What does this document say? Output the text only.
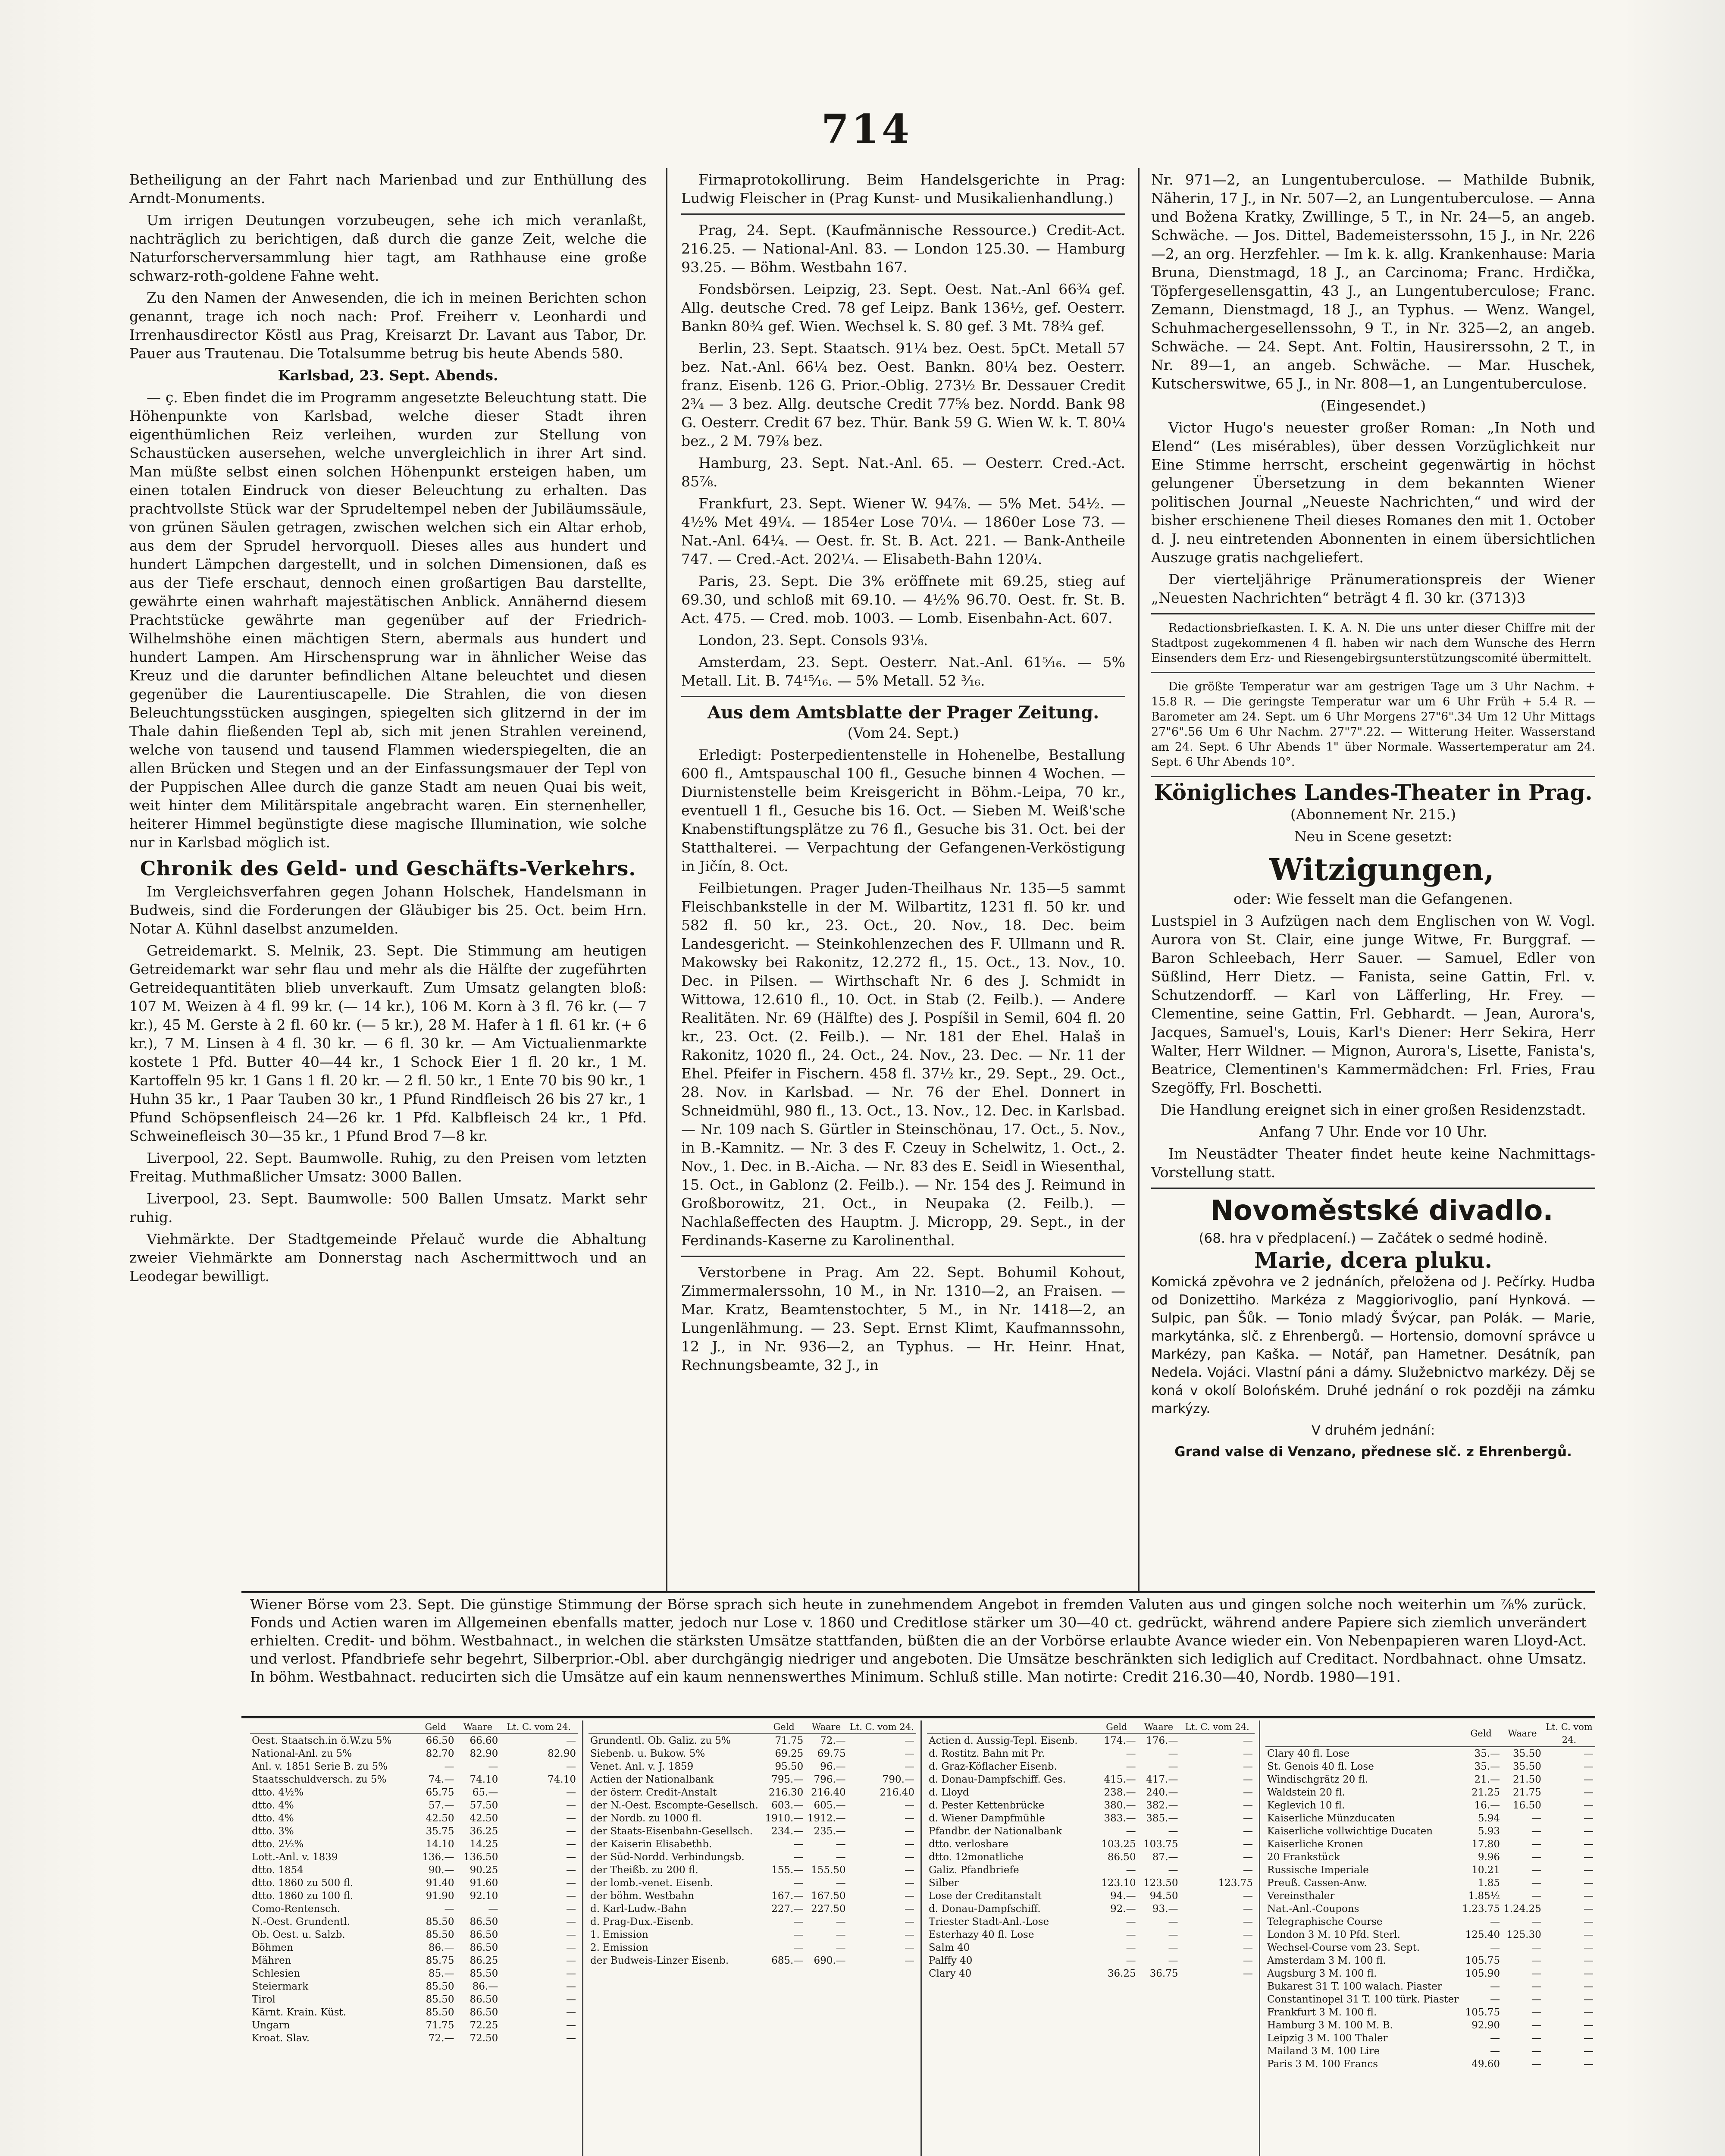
714

Betheiligung an der Fahrt nach Marienbad und zur Enthüllung des Arndt-Monuments.

Um irrigen Deutungen vorzubeugen, sehe ich mich veranlaßt, nachträglich zu berichtigen, daß durch die ganze Zeit, welche die Naturforscherversammlung hier tagt, am Rathhause eine große schwarz-roth-goldene Fahne weht.

Zu den Namen der Anwesenden, die ich in meinen Berichten schon genannt, trage ich noch nach: Prof. Freiherr v. Leonhardi und Irrenhausdirector Köstl aus Prag, Kreisarzt Dr. Lavant aus Tabor, Dr. Pauer aus Trautenau. Die Totalsumme betrug bis heute Abends 580.

Karlsbad, 23. Sept. Abends.

— ç. Eben findet die im Programm angesetzte Beleuchtung statt. Die Höhenpunkte von Karlsbad, welche dieser Stadt ihren eigenthümlichen Reiz verleihen, wurden zur Stellung von Schaustücken ausersehen, welche unvergleichlich in ihrer Art sind. Man müßte selbst einen solchen Höhenpunkt ersteigen haben, um einen totalen Eindruck von dieser Beleuchtung zu erhalten. Das prachtvollste Stück war der Sprudeltempel neben der Jubiläumssäule, von grünen Säulen getragen, zwischen welchen sich ein Altar erhob, aus dem der Sprudel hervorquoll. Dieses alles aus hundert und hundert Lämpchen dargestellt, und in solchen Dimensionen, daß es aus der Tiefe erschaut, dennoch einen großartigen Bau darstellte, gewährte einen wahrhaft majestätischen Anblick. Annähernd diesem Prachtstücke gewährte man gegenüber auf der Friedrich-Wilhelmshöhe einen mächtigen Stern, abermals aus hundert und hundert Lampen. Am Hirschensprung war in ähnlicher Weise das Kreuz und die darunter befindlichen Altane beleuchtet und diesen gegenüber die Laurentiuscapelle. Die Strahlen, die von diesen Beleuchtungsstücken ausgingen, spiegelten sich glitzernd in der im Thale dahin fließenden Tepl ab, sich mit jenen Strahlen vereinend, welche von tausend und tausend Flammen wiederspiegelten, die an allen Brücken und Stegen und an der Einfassungsmauer der Tepl von der Puppischen Allee durch die ganze Stadt am neuen Quai bis weit, weit hinter dem Militärspitale angebracht waren. Ein sternenheller, heiterer Himmel begünstigte diese magische Illumination, wie solche nur in Karlsbad möglich ist.

Chronik des Geld- und Geschäfts-Verkehrs.

Im Vergleichsverfahren gegen Johann Holschek, Handelsmann in Budweis, sind die Forderungen der Gläubiger bis 25. Oct. beim Hrn. Notar A. Kühnl daselbst anzumelden.

Getreidemarkt. S. Melnik, 23. Sept. Die Stimmung am heutigen Getreidemarkt war sehr flau und mehr als die Hälfte der zugeführten Getreidequantitäten blieb unverkauft. Zum Umsatz gelangten bloß: 107 M. Weizen à 4 fl. 99 kr. (— 14 kr.), 106 M. Korn à 3 fl. 76 kr. (— 7 kr.), 45 M. Gerste à 2 fl. 60 kr. (— 5 kr.), 28 M. Hafer à 1 fl. 61 kr. (+ 6 kr.), 7 M. Linsen à 4 fl. 30 kr. — 6 fl. 30 kr. — Am Victualienmarkte kostete 1 Pfd. Butter 40—44 kr., 1 Schock Eier 1 fl. 20 kr., 1 M. Kartoffeln 95 kr. 1 Gans 1 fl. 20 kr. — 2 fl. 50 kr., 1 Ente 70 bis 90 kr., 1 Huhn 35 kr., 1 Paar Tauben 30 kr., 1 Pfund Rindfleisch 26 bis 27 kr., 1 Pfund Schöpsenfleisch 24—26 kr. 1 Pfd. Kalbfleisch 24 kr., 1 Pfd. Schweinefleisch 30—35 kr., 1 Pfund Brod 7—8 kr.

Liverpool, 22. Sept. Baumwolle. Ruhig, zu den Preisen vom letzten Freitag. Muthmaßlicher Umsatz: 3000 Ballen.

Liverpool, 23. Sept. Baumwolle: 500 Ballen Umsatz. Markt sehr ruhig.

Viehmärkte. Der Stadtgemeinde Přelauč wurde die Abhaltung zweier Viehmärkte am Donnerstag nach Aschermittwoch und an Leodegar bewilligt.

Firmaprotokollirung. Beim Handelsgerichte in Prag: Ludwig Fleischer in (Prag Kunst- und Musikalienhandlung.)

Prag, 24. Sept. (Kaufmännische Ressource.) Credit-Act. 216.25. — National-Anl. 83. — London 125.30. — Hamburg 93.25. — Böhm. Westbahn 167.

Fondsbörsen. Leipzig, 23. Sept. Oest. Nat.-Anl 66¾ gef. Allg. deutsche Cred. 78 gef Leipz. Bank 136½, gef. Oesterr. Bankn 80¾ gef. Wien. Wechsel k. S. 80 gef. 3 Mt. 78¾ gef.

Berlin, 23. Sept. Staatsch. 91¼ bez. Oest. 5pCt. Metall 57 bez. Nat.-Anl. 66¼ bez. Oest. Bankn. 80¼ bez. Oesterr. franz. Eisenb. 126 G. Prior.-Oblig. 273½ Br. Dessauer Credit 2¾ — 3 bez. Allg. deutsche Credit 77⅝ bez. Nordd. Bank 98 G. Oesterr. Credit 67 bez. Thür. Bank 59 G. Wien W. k. T. 80¼ bez., 2 M. 79⅞ bez.

Hamburg, 23. Sept. Nat.-Anl. 65. — Oesterr. Cred.-Act. 85⅞.

Frankfurt, 23. Sept. Wiener W. 94⅞. — 5% Met. 54½. — 4½% Met 49¼. — 1854er Lose 70¼. — 1860er Lose 73. — Nat.-Anl. 64¼. — Oest. fr. St. B. Act. 221. — Bank-Antheile 747. — Cred.-Act. 202¼. — Elisabeth-Bahn 120¼.

Paris, 23. Sept. Die 3% eröffnete mit 69.25, stieg auf 69.30, und schloß mit 69.10. — 4½% 96.70. Oest. fr. St. B. Act. 475. — Cred. mob. 1003. — Lomb. Eisenbahn-Act. 607.

London, 23. Sept. Consols 93⅛.

Amsterdam, 23. Sept. Oesterr. Nat.-Anl. 61⁵⁄₁₆. — 5% Metall. Lit. B. 74¹⁵⁄₁₆. — 5% Metall. 52 ³⁄₁₆.

Aus dem Amtsblatte der Prager Zeitung.

(Vom 24. Sept.)

Erledigt: Posterpedientenstelle in Hohenelbe, Bestallung 600 fl., Amtspauschal 100 fl., Gesuche binnen 4 Wochen. — Diurnistenstelle beim Kreisgericht in Böhm.-Leipa, 70 kr., eventuell 1 fl., Gesuche bis 16. Oct. — Sieben M. Weiß'sche Knabenstiftungsplätze zu 76 fl., Gesuche bis 31. Oct. bei der Statthalterei. — Verpachtung der Gefangenen-Verköstigung in Jičín, 8. Oct.

Feilbietungen. Prager Juden-Theilhaus Nr. 135—5 sammt Fleischbankstelle in der M. Wilbartitz, 1231 fl. 50 kr. und 582 fl. 50 kr., 23. Oct., 20. Nov., 18. Dec. beim Landesgericht. — Steinkohlenzechen des F. Ullmann und R. Makowsky bei Rakonitz, 12.272 fl., 15. Oct., 13. Nov., 10. Dec. in Pilsen. — Wirthschaft Nr. 6 des J. Schmidt in Wittowa, 12.610 fl., 10. Oct. in Stab (2. Feilb.). — Andere Realitäten. Nr. 69 (Hälfte) des J. Pospíšil in Semil, 604 fl. 20 kr., 23. Oct. (2. Feilb.). — Nr. 181 der Ehel. Halaš in Rakonitz, 1020 fl., 24. Oct., 24. Nov., 23. Dec. — Nr. 11 der Ehel. Pfeifer in Fischern. 458 fl. 37½ kr., 29. Sept., 29. Oct., 28. Nov. in Karlsbad. — Nr. 76 der Ehel. Donnert in Schneidmühl, 980 fl., 13. Oct., 13. Nov., 12. Dec. in Karlsbad. — Nr. 109 nach S. Gürtler in Steinschönau, 17. Oct., 5. Nov., in B.-Kamnitz. — Nr. 3 des F. Czeuy in Schelwitz, 1. Oct., 2. Nov., 1. Dec. in B.-Aicha. — Nr. 83 des E. Seidl in Wiesenthal, 15. Oct., in Gablonz (2. Feilb.). — Nr. 154 des J. Reimund in Großborowitz, 21. Oct., in Neupaka (2. Feilb.). — Nachlaßeffecten des Hauptm. J. Micropp, 29. Sept., in der Ferdinands-Kaserne zu Karolinenthal.

Verstorbene in Prag. Am 22. Sept. Bohumil Kohout, Zimmermalerssohn, 10 M., in Nr. 1310—2, an Fraisen. — Mar. Kratz, Beamtenstochter, 5 M., in Nr. 1418—2, an Lungenlähmung. — 23. Sept. Ernst Klimt, Kaufmannssohn, 12 J., in Nr. 936—2, an Typhus. — Hr. Heinr. Hnat, Rechnungsbeamte, 32 J., in

Nr. 971—2, an Lungentuberculose. — Mathilde Bubnik, Näherin, 17 J., in Nr. 507—2, an Lungentuberculose. — Anna und Božena Kratky, Zwillinge, 5 T., in Nr. 24—5, an angeb. Schwäche. — Jos. Dittel, Bademeisterssohn, 15 J., in Nr. 226—2, an org. Herzfehler. — Im k. k. allg. Krankenhause: Maria Bruna, Dienstmagd, 18 J., an Carcinoma; Franc. Hrdička, Töpfergesellensgattin, 43 J., an Lungentuberculose; Franc. Zemann, Dienstmagd, 18 J., an Typhus. — Wenz. Wangel, Schuhmachergesellenssohn, 9 T., in Nr. 325—2, an angeb. Schwäche. — 24. Sept. Ant. Foltin, Hausirerssohn, 2 T., in Nr. 89—1, an angeb. Schwäche. — Mar. Huschek, Kutscherswitwe, 65 J., in Nr. 808—1, an Lungentuberculose.

(Eingesendet.)

Victor Hugo's neuester großer Roman: „In Noth und Elend“ (Les misérables), über dessen Vorzüglichkeit nur Eine Stimme herrscht, erscheint gegenwärtig in höchst gelungener Übersetzung in dem bekannten Wiener politischen Journal „Neueste Nachrichten,“ und wird der bisher erschienene Theil dieses Romanes den mit 1. October d. J. neu eintretenden Abonnenten in einem übersichtlichen Auszuge gratis nachgeliefert.

Der vierteljährige Pränumerationspreis der Wiener „Neuesten Nachrichten“ beträgt 4 fl. 30 kr. (3713)3

Redactionsbriefkasten. I. K. A. N. Die uns unter dieser Chiffre mit der Stadtpost zugekommenen 4 fl. haben wir nach dem Wunsche des Herrn Einsenders dem Erz- und Riesengebirgsunterstützungscomité übermittelt.

Die größte Temperatur war am gestrigen Tage um 3 Uhr Nachm. + 15.8 R. — Die geringste Temperatur war um 6 Uhr Früh + 5.4 R. — Barometer am 24. Sept. um 6 Uhr Morgens 27"6".34 Um 12 Uhr Mittags 27"6".56 Um 6 Uhr Nachm. 27"7".22. — Witterung Heiter. Wasserstand am 24. Sept. 6 Uhr Abends 1" über Normale. Wassertemperatur am 24. Sept. 6 Uhr Abends 10°.

Königliches Landes-Theater in Prag.

(Abonnement Nr. 215.)

Neu in Scene gesetzt:

Witzigungen,

oder: Wie fesselt man die Gefangenen.

Lustspiel in 3 Aufzügen nach dem Englischen von W. Vogl. Aurora von St. Clair, eine junge Witwe, Fr. Burggraf. — Baron Schleebach, Herr Sauer. — Samuel, Edler von Süßlind, Herr Dietz. — Fanista, seine Gattin, Frl. v. Schutzendorff. — Karl von Läfferling, Hr. Frey. — Clementine, seine Gattin, Frl. Gebhardt. — Jean, Aurora's, Jacques, Samuel's, Louis, Karl's Diener: Herr Sekira, Herr Walter, Herr Wildner. — Mignon, Aurora's, Lisette, Fanista's, Beatrice, Clementinen's Kammermädchen: Frl. Fries, Frau Szegöffy, Frl. Boschetti.

Die Handlung ereignet sich in einer großen Residenzstadt.

Anfang 7 Uhr. Ende vor 10 Uhr.

Im Neustädter Theater findet heute keine Nachmittags-Vorstellung statt.

Novoměstské divadlo.

(68. hra v předplacení.) — Začátek o sedmé hodině.

Marie, dcera pluku.

Komická zpěvohra ve 2 jednáních, přeložena od J. Pečírky. Hudba od Donizettiho. Markéza z Maggiorivoglio, paní Hynková. — Sulpic, pan Šůk. — Tonio mladý Švýcar, pan Polák. — Marie, markytánka, slč. z Ehrenbergů. — Hortensio, domovní správce u Markézy, pan Kaška. — Notář, pan Hametner. Desátník, pan Nedela. Vojáci. Vlastní páni a dámy. Služebnictvo markézy. Děj se koná v okolí Bolońském. Druhé jednání o rok později na zámku markýzy.

V druhém jednání:

Grand valse di Venzano, přednese slč. z Ehrenbergů.

Wiener Börse vom 23. Sept. Die günstige Stimmung der Börse sprach sich heute in zunehmendem Angebot in fremden Valuten aus und gingen solche noch weiterhin um ⅞% zurück. Fonds und Actien waren im Allgemeinen ebenfalls matter, jedoch nur Lose v. 1860 und Creditlose stärker um 30—40 ct. gedrückt, während andere Papiere sich ziemlich unverändert erhielten. Credit- und böhm. Westbahnact., in welchen die stärksten Umsätze stattfanden, büßten die an der Vorbörse erlaubte Avance wieder ein. Von Nebenpapieren waren Lloyd-Act. und verlost. Pfandbriefe sehr begehrt, Silberprior.-Obl. aber durchgängig niedriger und angeboten. Die Umsätze beschränkten sich lediglich auf Creditact. Nordbahnact. ohne Umsatz. In böhm. Westbahnact. reducirten sich die Umsätze auf ein kaum nennenswerthes Minimum. Schluß stille. Man notirte: Credit 216.30—40, Nordb. 1980—191.
	Geld	Waare	Lt. C. vom 24.
Oest. Staatsch.in ö.W.zu 5%	66.50	66.60	—
National-Anl. zu 5%	82.70	82.90	82.90
Anl. v. 1851 Serie B. zu 5%	—	—	—
Staatsschuldversch. zu 5%	74.—	74.10	74.10
dtto. 4½%	65.75	65.—	—
dtto. 4%	57.—	57.50	—
dtto. 4%	42.50	42.50	—
dtto. 3%	35.75	36.25	—
dtto. 2½%	14.10	14.25	—
Lott.-Anl. v. 1839	136.—	136.50	—
dtto. 1854	90.—	90.25	—
dtto. 1860 zu 500 fl.	91.40	91.60	—
dtto. 1860 zu 100 fl.	91.90	92.10	—
Como-Rentensch.	—	—	—

N.-Oest. Grundentl.	85.50	86.50	—
Ob. Oest. u. Salzb.	85.50	86.50	—
Böhmen	86.—	86.50	—
Mähren	85.75	86.25	—
Schlesien	85.—	85.50	—
Steiermark	85.50	86.—	—
Tirol	85.50	86.50	—
Kärnt. Krain. Küst.	85.50	86.50	—
Ungarn	71.75	72.25	—
Kroat. Slav.	72.—	72.50	—
	Geld	Waare	Lt. C. vom 24.
Grundentl. Ob. Galiz. zu 5%	71.75	72.—	—
Siebenb. u. Bukow. 5%	69.25	69.75	—
Venet. Anl. v. J. 1859	95.50	96.—	—

Actien der Nationalbank	795.—	796.—	790.—
der österr. Credit-Anstalt	216.30	216.40	216.40
der N.-Oest. Escompte-Gesellsch.	603.—	605.—	—
der Nordb. zu 1000 fl.	1910.—	1912.—	—
der Staats-Eisenbahn-Gesellsch.	234.—	235.—	—
der Kaiserin Elisabethb.	—	—	—
der Süd-Nordd. Verbindungsb.	—	—	—
der Theißb. zu 200 fl.	155.—	155.50	—
der lomb.-venet. Eisenb.	—	—	—
der böhm. Westbahn	167.—	167.50	—
d. Karl-Ludw.-Bahn	227.—	227.50	—
d. Prag-Dux.-Eisenb.	—	—	—
1. Emission	—	—	—
2. Emission	—	—	—
der Budweis-Linzer Eisenb.	685.—	690.—	—
	Geld	Waare	Lt. C. vom 24.
Actien d. Aussig-Tepl. Eisenb.	174.—	176.—	—
d. Rostitz. Bahn mit Pr.	—	—	—
d. Graz-Köflacher Eisenb.	—	—	—
d. Donau-Dampfschiff. Ges.	415.—	417.—	—
d. Lloyd	238.—	240.—	—
d. Pester Kettenbrücke	380.—	382.—	—
d. Wiener Dampfmühle	383.—	385.—	—
Pfandbr. der Nationalbank	—	—	—
dtto. verlosbare	103.25	103.75	—
dtto. 12monatliche	86.50	87.—	—
Galiz. Pfandbriefe	—	—	—
Silber	123.10	123.50	123.75
Lose der Creditanstalt	94.—	94.50	—
d. Donau-Dampfschiff.	92.—	93.—	—
Triester Stadt-Anl.-Lose	—	—	—
Esterhazy 40 fl. Lose	—	—	—
Salm 40	—	—	—
Palffy 40	—	—	—
Clary 40	36.25	36.75	—
	Geld	Waare	Lt. C. vom 24.
Clary 40 fl. Lose	35.—	35.50	—
St. Genois 40 fl. Lose	35.—	35.50	—
Windischgrätz 20 fl.	21.—	21.50	—
Waldstein 20 fl.	21.25	21.75	—
Keglevich 10 fl.	16.—	16.50	—
Kaiserliche Münzducaten	5.94	—	—
Kaiserliche vollwichtige Ducaten	5.93	—	—
Kaiserliche Kronen	17.80	—	—
20 Frankstück	9.96	—	—
Russische Imperiale	10.21	—	—
Preuß. Cassen-Anw.	1.85	—	—
Vereinsthaler	1.85½	—	—
Nat.-Anl.-Coupons	1.23.75	1.24.25	—
Telegraphische Course	—	—	—
London 3 M. 10 Pfd. Sterl.	125.40	125.30	—
Wechsel-Course vom 23. Sept.	—	—	—
Amsterdam 3 M. 100 fl.	105.75	—	—
Augsburg 3 M. 100 fl.	105.90	—	—
Bukarest 31 T. 100 walach. Piaster	—	—	—
Constantinopel 31 T. 100 türk. Piaster	—	—	—
Frankfurt 3 M. 100 fl.	105.75	—	—
Hamburg 3 M. 100 M. B.	92.90	—	—
Leipzig 3 M. 100 Thaler	—	—	—
Mailand 3 M. 100 Lire	—	—	—
Paris 3 M. 100 Francs	49.60	—	—
